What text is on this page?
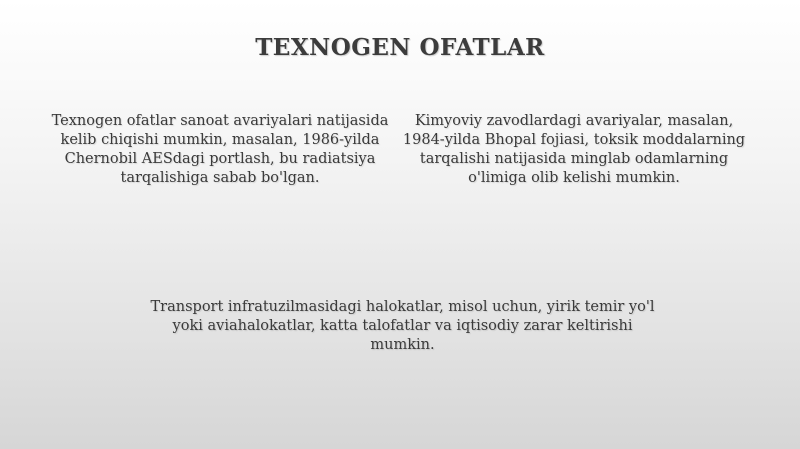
TEXNOGEN OFATLAR
Texnogen ofatlar sanoat avariyalari natijasida kelib chiqishi mumkin, masalan, 1986-yilda Chernobil AESdagi portlash, bu radiatsiya tarqalishiga sabab bo'lgan.
Kimyoviy zavodlardagi avariyalar, masalan, 1984-yilda Bhopal fojiasi, toksik moddalarning tarqalishi natijasida minglab odamlarning o'limiga olib kelishi mumkin.
Transport infratuzilmasidagi halokatlar, misol uchun, yirik temir yo'l yoki aviahalokatlar, katta talofatlar va iqtisodiy zarar keltirishi mumkin.
